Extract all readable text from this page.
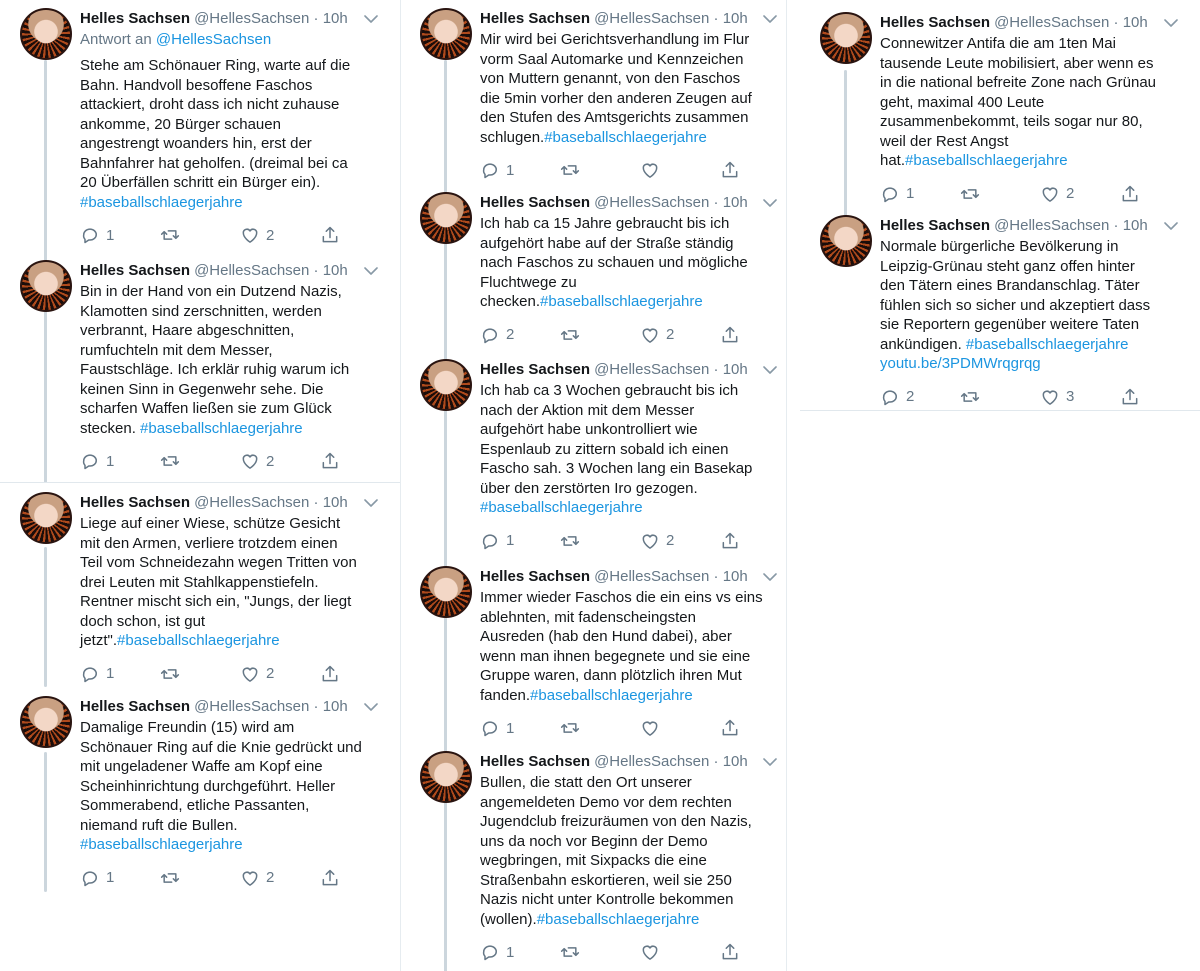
Helles Sachsen @HellesSachsen · 10h
Antwort an @HellesSachsen
Stehe am Schönauer Ring, warte auf die
Bahn. Handvoll besoffene Faschos
attackiert, droht dass ich nicht zuhause
ankomme, 20 Bürger schauen
angestrengt woanders hin, erst der
Bahnfahrer hat geholfen. (dreimal bei ca
20 Überfällen schritt ein Bürger ein).
#baseballschlaegerjahre
1	2
Helles Sachsen @HellesSachsen · 10h
Bin in der Hand von ein Dutzend Nazis,
Klamotten sind zerschnitten, werden
verbrannt, Haare abgeschnitten,
rumfuchteln mit dem Messer,
Faustschläge. Ich erklär ruhig warum ich
keinen Sinn in Gegenwehr sehe. Die
scharfen Waffen ließen sie zum Glück
stecken. #baseballschlaegerjahre
1	2
Helles Sachsen @HellesSachsen · 10h
Liege auf einer Wiese, schütze Gesicht
mit den Armen, verliere trotzdem einen
Teil vom Schneidezahn wegen Tritten von
drei Leuten mit Stahlkappenstiefeln.
Rentner mischt sich ein, "Jungs, der liegt
doch schon, ist gut
jetzt".#baseballschlaegerjahre
1	2
Helles Sachsen @HellesSachsen · 10h
Damalige Freundin (15) wird am
Schönauer Ring auf die Knie gedrückt und
mit ungeladener Waffe am Kopf eine
Scheinhinrichtung durchgeführt. Heller
Sommerabend, etliche Passanten,
niemand ruft die Bullen.
#baseballschlaegerjahre
1	2
Helles Sachsen @HellesSachsen · 10h
Mir wird bei Gerichtsverhandlung im Flur
vorm Saal Automarke und Kennzeichen
von Muttern genannt, von den Faschos
die 5min vorher den anderen Zeugen auf
den Stufen des Amtsgerichts zusammen
schlugen.#baseballschlaegerjahre
1
Helles Sachsen @HellesSachsen · 10h
Ich hab ca 15 Jahre gebraucht bis ich
aufgehört habe auf der Straße ständig
nach Faschos zu schauen und mögliche
Fluchtwege zu
checken.#baseballschlaegerjahre
2	2
Helles Sachsen @HellesSachsen · 10h
Ich hab ca 3 Wochen gebraucht bis ich
nach der Aktion mit dem Messer
aufgehört habe unkontrolliert wie
Espenlaub zu zittern sobald ich einen
Fascho sah. 3 Wochen lang ein Basekap
über den zerstörten Iro gezogen.
#baseballschlaegerjahre
1	2
Helles Sachsen @HellesSachsen · 10h
Immer wieder Faschos die ein eins vs eins
ablehnten, mit fadenscheingsten
Ausreden (hab den Hund dabei), aber
wenn man ihnen begegnete und sie eine
Gruppe waren, dann plötzlich ihren Mut
fanden.#baseballschlaegerjahre
1
Helles Sachsen @HellesSachsen · 10h
Bullen, die statt den Ort unserer
angemeldeten Demo vor dem rechten
Jugendclub freizuräumen von den Nazis,
uns da noch vor Beginn der Demo
wegbringen, mit Sixpacks die eine
Straßenbahn eskortieren, weil sie 250
Nazis nicht unter Kontrolle bekommen
(wollen).#baseballschlaegerjahre
1
Helles Sachsen @HellesSachsen · 10h
Connewitzer Antifa die am 1ten Mai
tausende Leute mobilisiert, aber wenn es
in die national befreite Zone nach Grünau
geht, maximal 400 Leute
zusammenbekommt, teils sogar nur 80,
weil der Rest Angst
hat.#baseballschlaegerjahre
1	2
Helles Sachsen @HellesSachsen · 10h
Normale bürgerliche Bevölkerung in
Leipzig-Grünau steht ganz offen hinter
den Tätern eines Brandanschlag. Täter
fühlen sich so sicher und akzeptiert dass
sie Reportern gegenüber weitere Taten
ankündigen. #baseballschlaegerjahre
youtu.be/3PDMWrqgrqg
2	3
